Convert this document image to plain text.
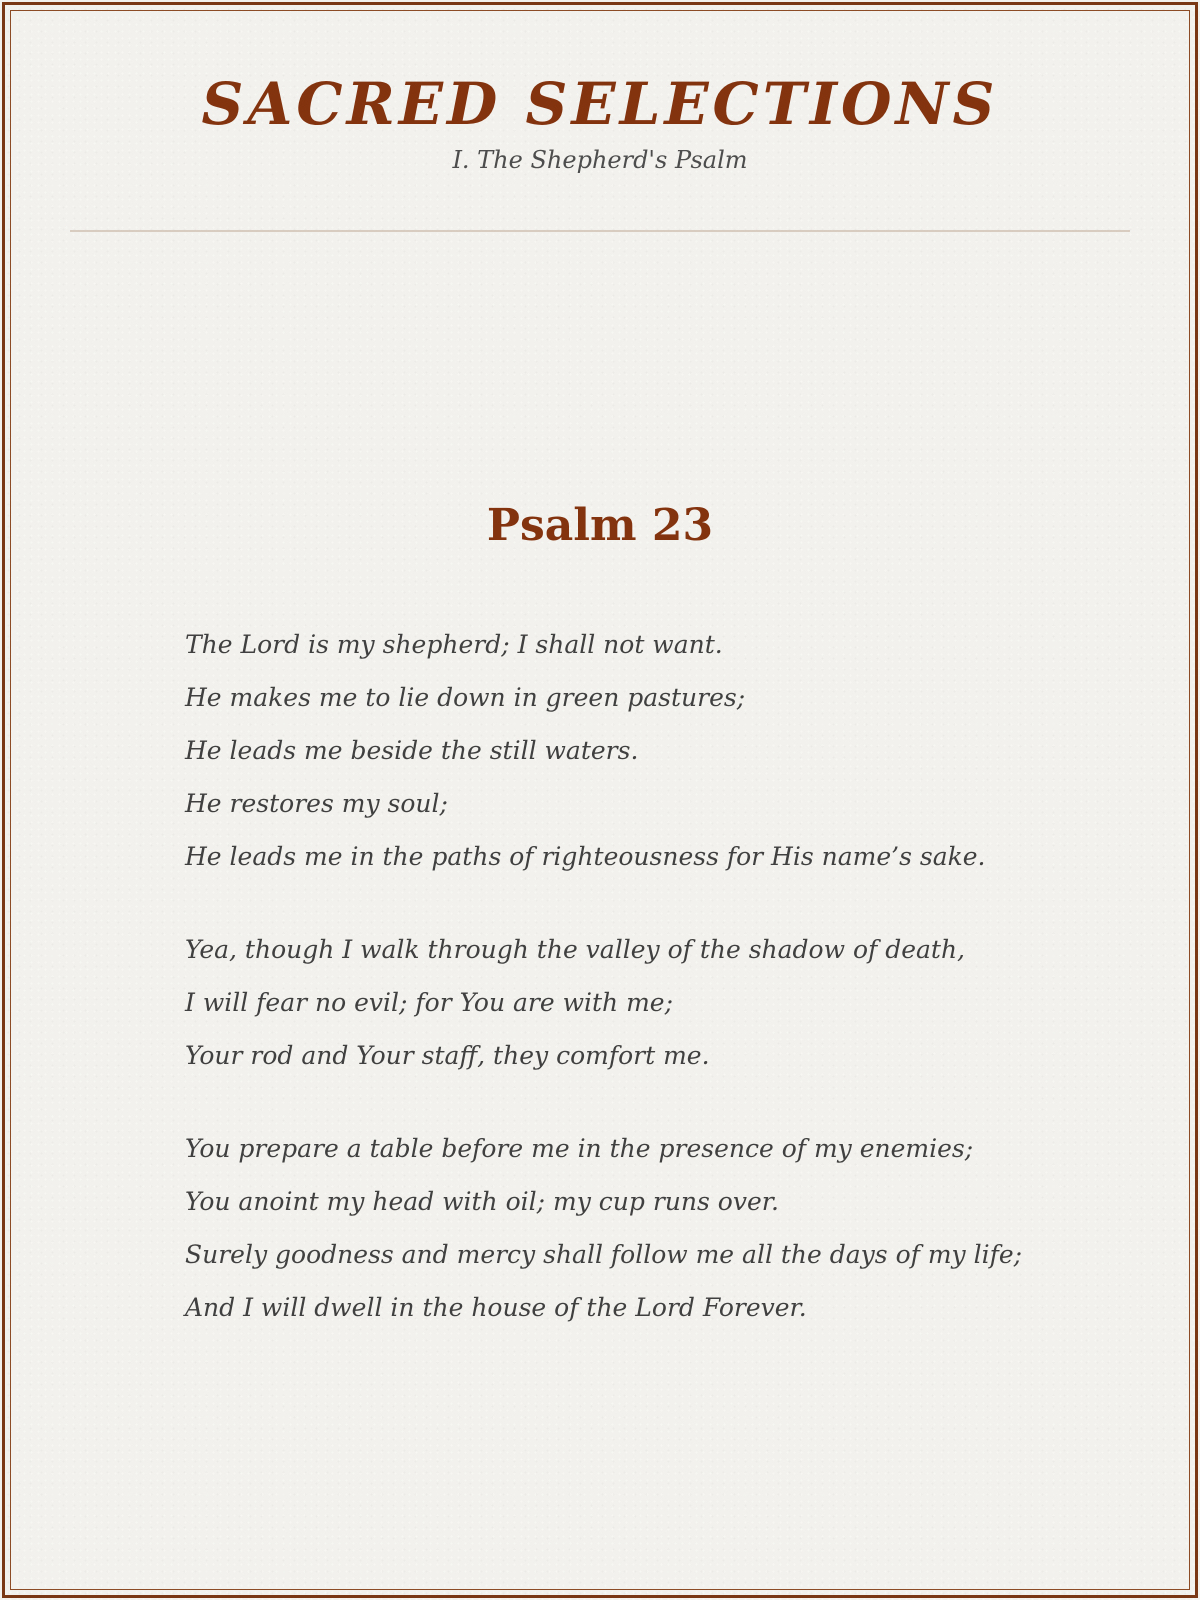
SACRED SELECTIONS
I. The Shepherd's Psalm
Psalm 23
The Lord is my shepherd; I shall not want.
He makes me to lie down in green pastures;
He leads me beside the still waters.
He restores my soul;
He leads me in the paths of righteousness for His name’s sake.
Yea, though I walk through the valley of the shadow of death,
I will fear no evil; for You are with me;
Your rod and Your staff, they comfort me.
You prepare a table before me in the presence of my enemies;
You anoint my head with oil; my cup runs over.
Surely goodness and mercy shall follow me all the days of my life;
And I will dwell in the house of the Lord Forever.
